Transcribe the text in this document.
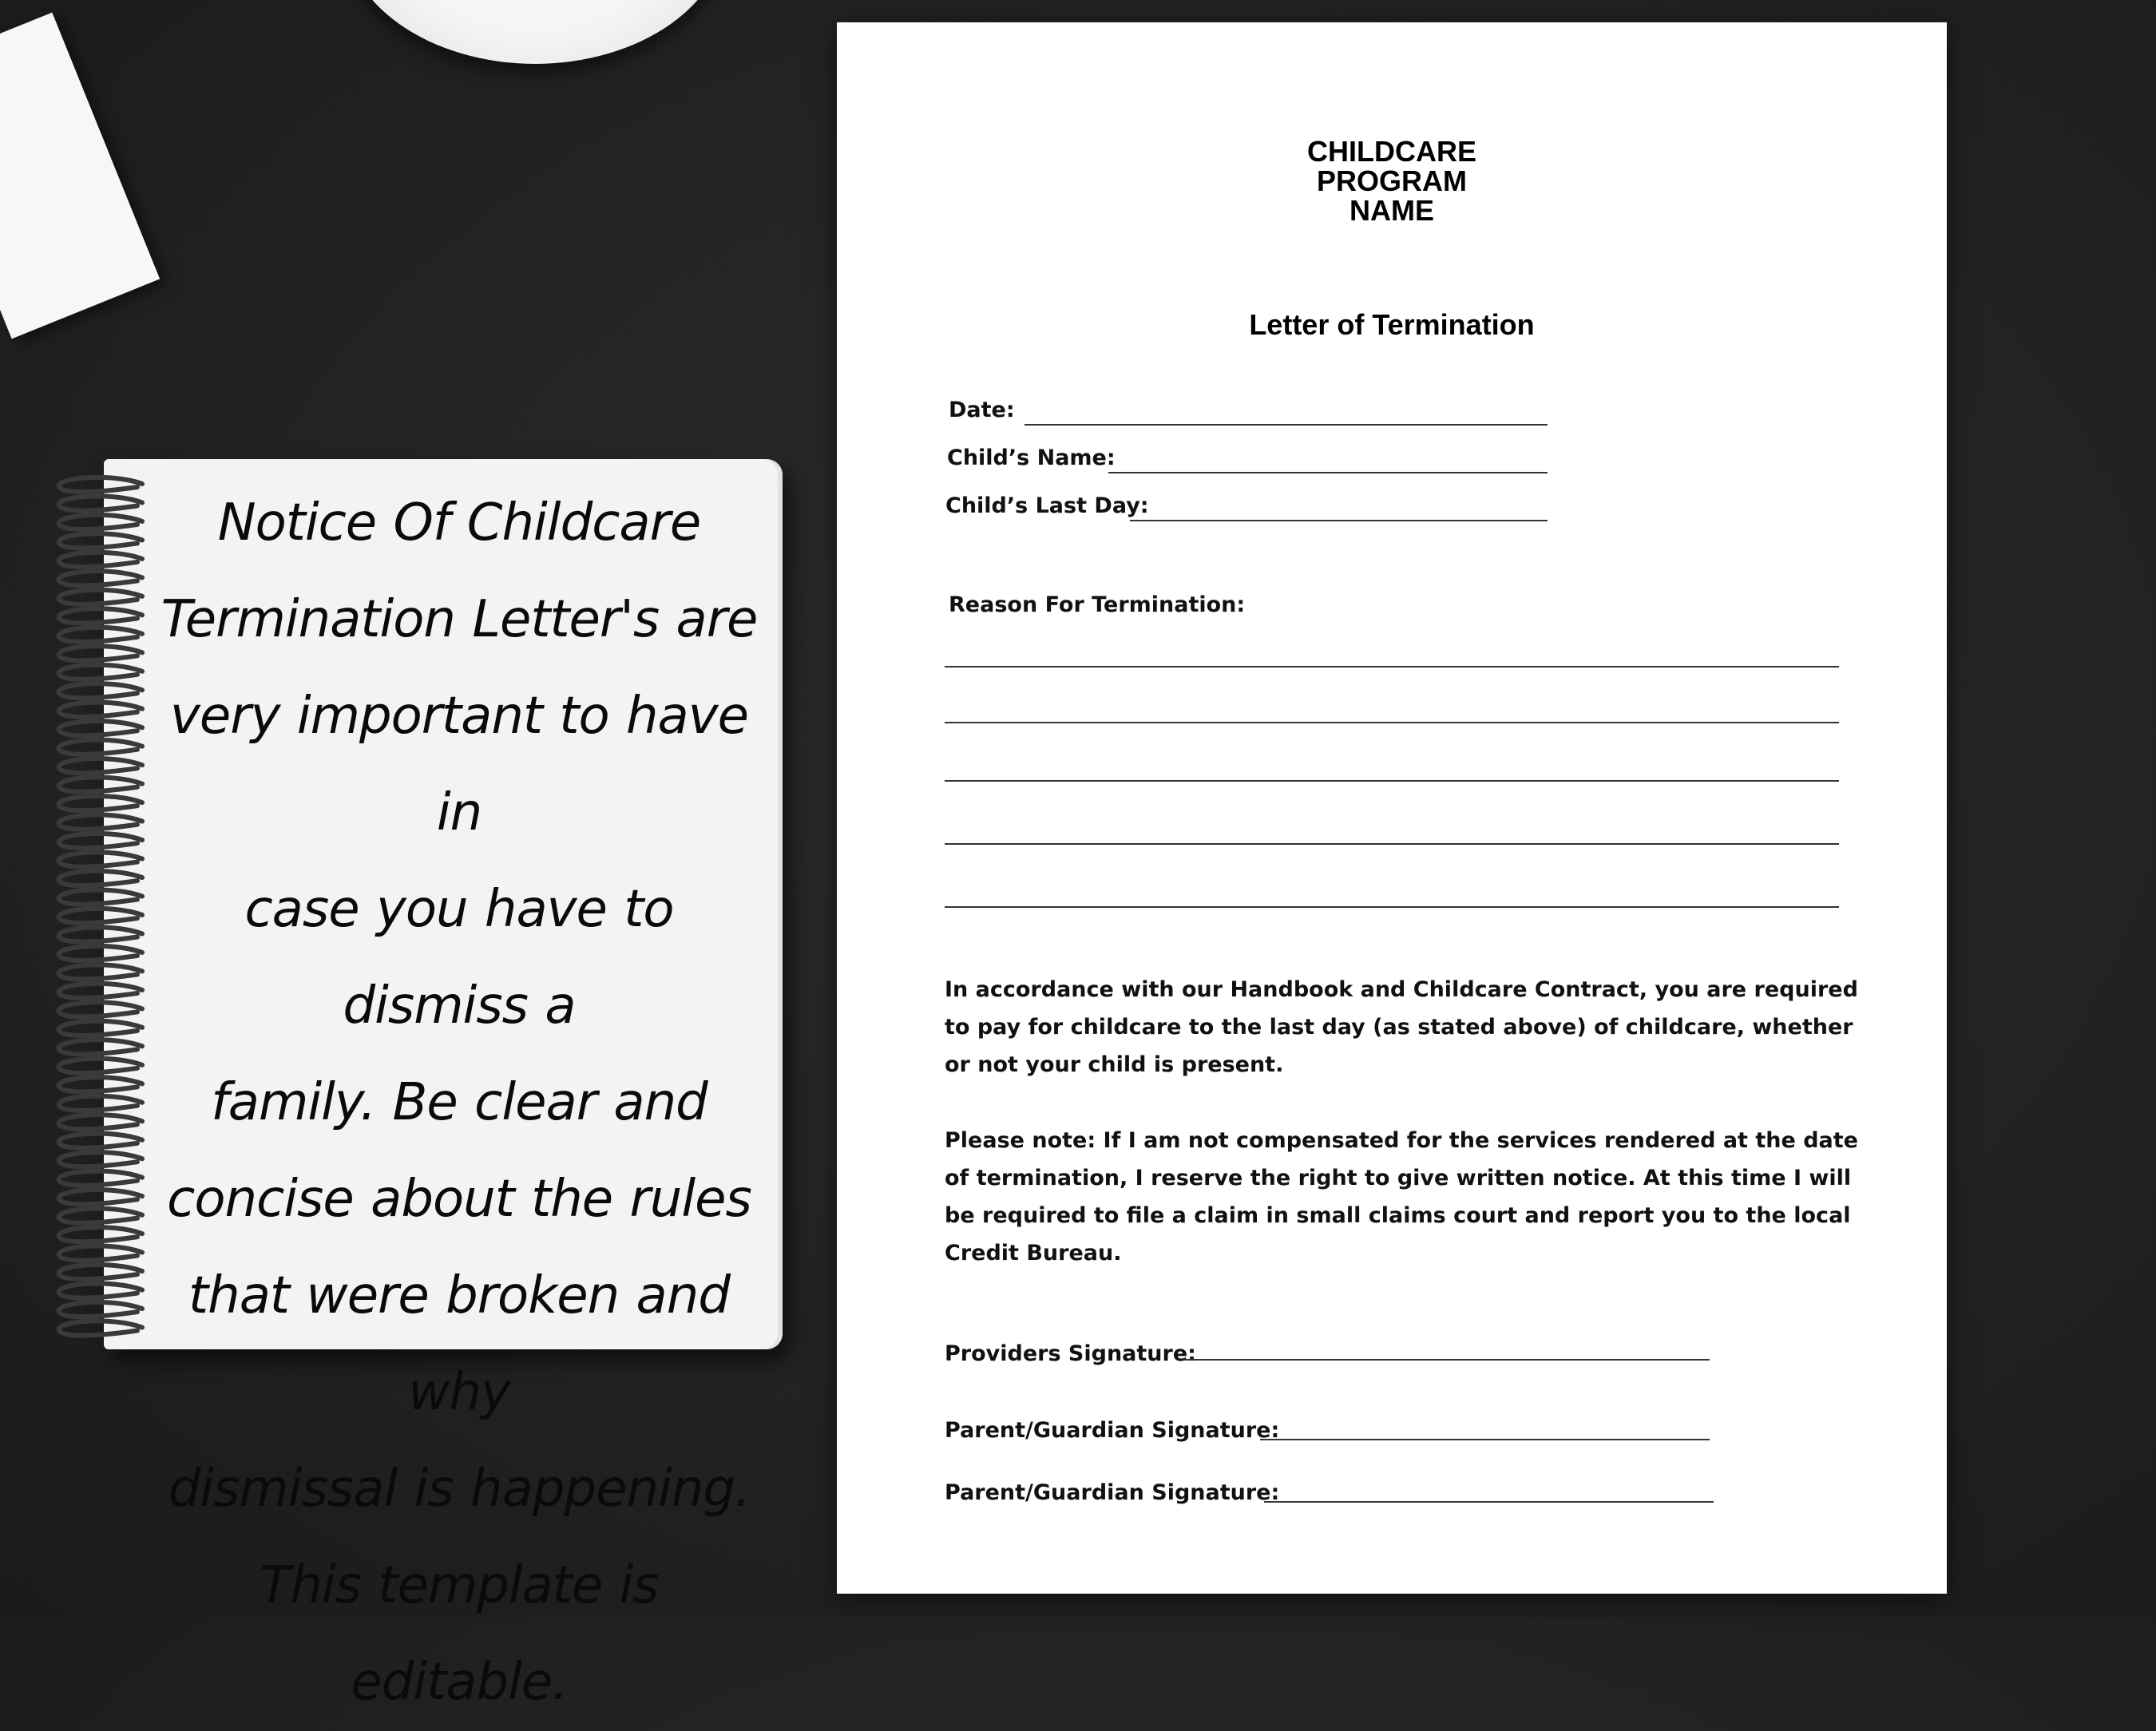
Notice Of Childcare
Termination Letter's are
very important to have in
case you have to dismiss a
family. Be clear and
concise about the rules
that were broken and why
dismissal is happening.
This template is editable.
CHILDCARE
PROGRAM
NAME
Letter of Termination
Date:
Child’s Name:
Child’s Last Day:
Reason For Termination:

In accordance with our Handbook and Childcare Contract, you are required to pay for childcare to the last day (as stated above) of childcare, whether or not your child is present.

Please note: If I am not compensated for the services rendered at the date of termination, I reserve the right to give written notice. At this time I will be required to file a claim in small claims court and report you to the local Credit Bureau.

Providers Signature:
Parent/Guardian Signature:
Parent/Guardian Signature:
